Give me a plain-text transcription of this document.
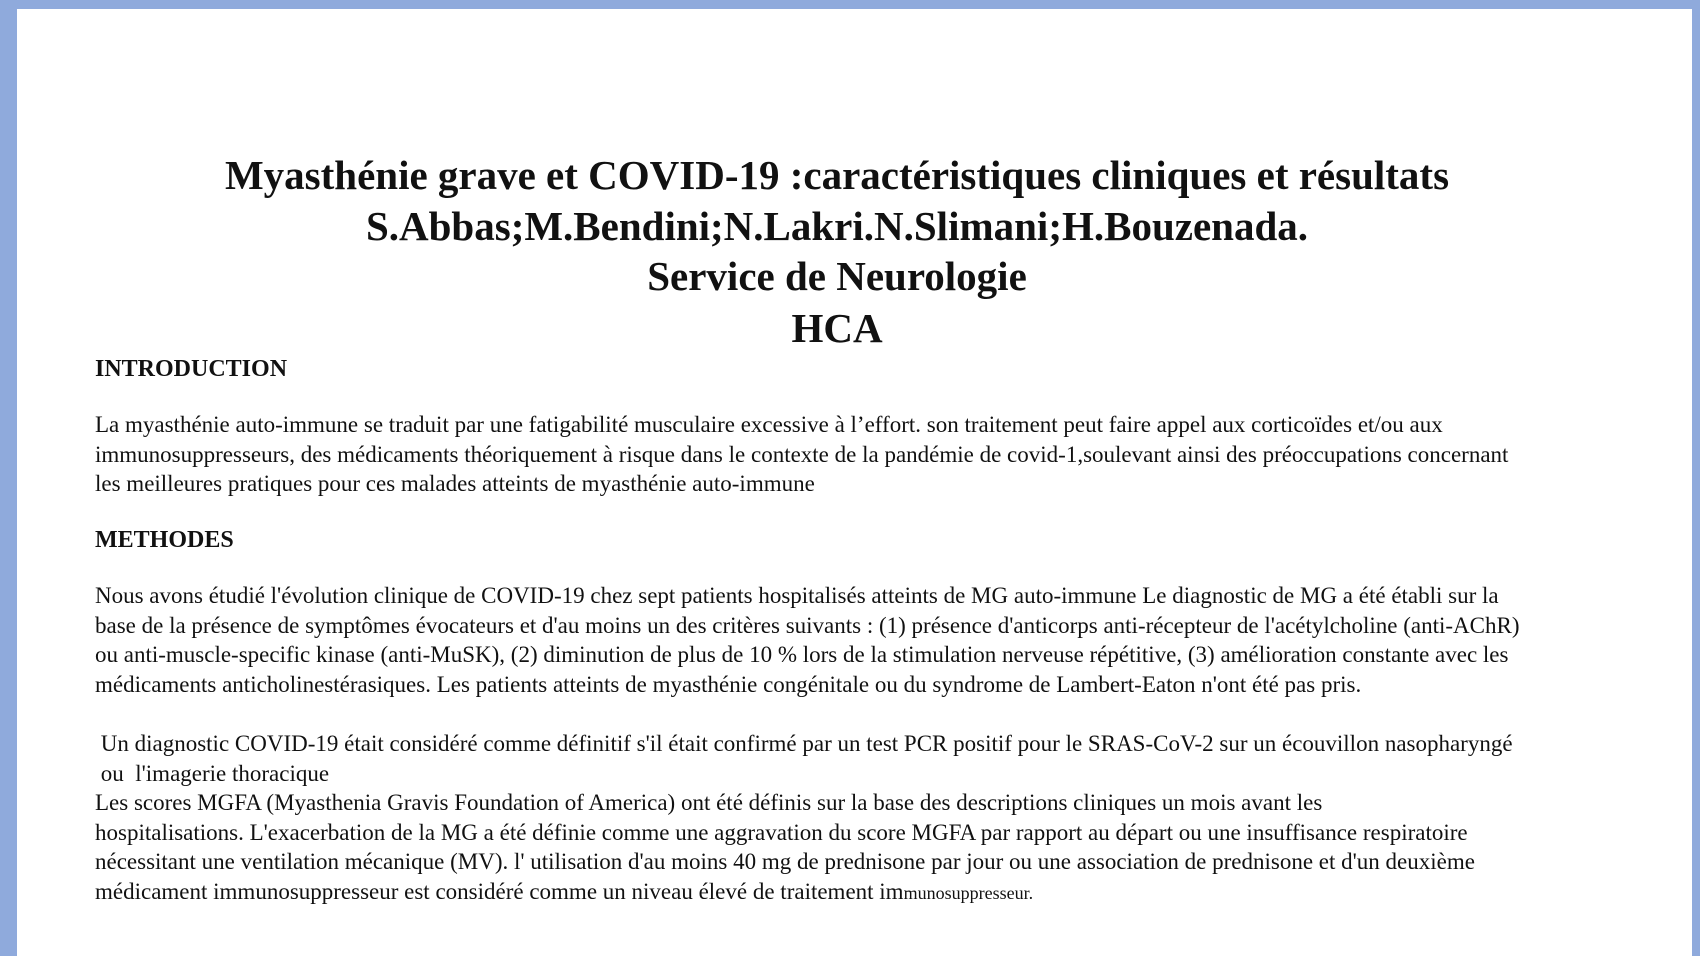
Myasthénie grave et COVID-19 :caractéristiques cliniques et résultats
S.Abbas;M.Bendini;N.Lakri.N.Slimani;H.Bouzenada.
Service de Neurologie
HCA
INTRODUCTION
La myasthénie auto-immune se traduit par une fatigabilité musculaire excessive à l’effort. son traitement peut faire appel aux corticoïdes et/ou aux
immunosuppresseurs, des médicaments théoriquement à risque dans le contexte de la pandémie de covid-1,soulevant ainsi des préoccupations concernant
les meilleures pratiques pour ces malades atteints de myasthénie auto-immune
METHODES
Nous avons étudié l'évolution clinique de COVID-19 chez sept patients hospitalisés atteints de MG auto-immune Le diagnostic de MG a été établi sur la
base de la présence de symptômes évocateurs et d'au moins un des critères suivants : (1) présence d'anticorps anti-récepteur de l'acétylcholine (anti-AChR)
ou anti-muscle-specific kinase (anti-MuSK), (2) diminution de plus de 10 % lors de la stimulation nerveuse répétitive, (3) amélioration constante avec les
médicaments anticholinestérasiques. Les patients atteints de myasthénie congénitale ou du syndrome de Lambert-Eaton n'ont été pas pris.
Un diagnostic COVID-19 était considéré comme définitif s'il était confirmé par un test PCR positif pour le SRAS-CoV-2 sur un écouvillon nasopharyngé
ou  l'imagerie thoracique
Les scores MGFA (Myasthenia Gravis Foundation of America) ont été définis sur la base des descriptions cliniques un mois avant les
hospitalisations. L'exacerbation de la MG a été définie comme une aggravation du score MGFA par rapport au départ ou une insuffisance respiratoire
nécessitant une ventilation mécanique (MV). l' utilisation d'au moins 40 mg de prednisone par jour ou une association de prednisone et d'un deuxième
médicament immunosuppresseur est considéré comme un niveau élevé de traitement immunosuppresseur.
